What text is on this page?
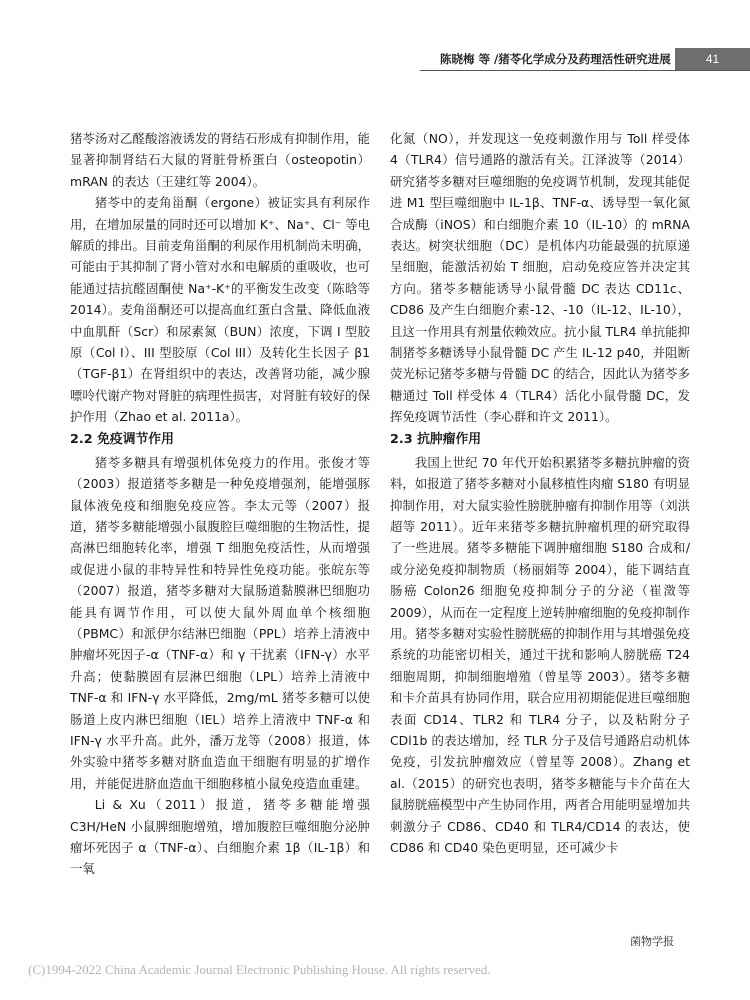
陈晓梅 等 /猪苓化学成分及药理活性研究进展	41

猪苓汤对乙醛酸溶液诱发的肾结石形成有抑制作用，能显著抑制肾结石大鼠的肾脏骨桥蛋白（osteopotin）mRAN 的表达（王建红等 2004）。

猪苓中的麦角甾酮（ergone）被证实具有利尿作用，在增加尿量的同时还可以增加 K⁺、Na⁺、Cl⁻ 等电解质的排出。目前麦角甾酮的利尿作用机制尚未明确，可能由于其抑制了肾小管对水和电解质的重吸收，也可能通过拮抗醛固酮使 Na⁺-K⁺的平衡发生改变（陈晗等 2014）。麦角甾酮还可以提高血红蛋白含量、降低血液中血肌酐（Scr）和尿素氮（BUN）浓度，下调 I 型胶原（Col I）、III 型胶原（Col III）及转化生长因子 β1（TGF-β1）在肾组织中的表达，改善肾功能，减少腺嘌呤代谢产物对肾脏的病理性损害，对肾脏有较好的保护作用（Zhao et al. 2011a）。

2.2 免疫调节作用

猪苓多糖具有增强机体免疫力的作用。张俊才等（2003）报道猪苓多糖是一种免疫增强剂，能增强豚鼠体液免疫和细胞免疫应答。李太元等（2007）报道，猪苓多糖能增强小鼠腹腔巨噬细胞的生物活性，提高淋巴细胞转化率，增强 T 细胞免疫活性，从而增强或促进小鼠的非特异性和特异性免疫功能。张皖东等（2007）报道，猪苓多糖对大鼠肠道黏膜淋巴细胞功能具有调节作用，可以使大鼠外周血单个核细胞（PBMC）和派伊尔结淋巴细胞（PPL）培养上清液中肿瘤坏死因子-α（TNF-α）和 γ 干扰素（IFN-γ）水平升高；使黏膜固有层淋巴细胞（LPL）培养上清液中 TNF-α 和 IFN-γ 水平降低，2mg/mL 猪苓多糖可以使肠道上皮内淋巴细胞（IEL）培养上清液中 TNF-α 和 IFN-γ 水平升高。此外，潘万龙等（2008）报道，体外实验中猪苓多糖对脐血造血干细胞有明显的扩增作用，并能促进脐血造血干细胞移植小鼠免疫造血重建。

Li & Xu（2011）报道，猪苓多糖能增强 C3H/HeN 小鼠脾细胞增殖，增加腹腔巨噬细胞分泌肿瘤坏死因子 α（TNF-α）、白细胞介素 1β（IL-1β）和一氧

化氮（NO），并发现这一免疫刺激作用与 Toll 样受体 4（TLR4）信号通路的激活有关。江泽波等（2014）研究猪苓多糖对巨噬细胞的免疫调节机制，发现其能促进 M1 型巨噬细胞中 IL-1β、TNF-α、诱导型一氧化氮合成酶（iNOS）和白细胞介素 10（IL-10）的 mRNA 表达。树突状细胞（DC）是机体内功能最强的抗原递呈细胞，能激活初始 T 细胞，启动免疫应答并决定其方向。猪苓多糖能诱导小鼠骨髓 DC 表达 CD11c、CD86 及产生白细胞介素-12、-10（IL-12、IL-10），且这一作用具有剂量依赖效应。抗小鼠 TLR4 单抗能抑制猪苓多糖诱导小鼠骨髓 DC 产生 IL-12 p40，并阻断荧光标记猪苓多糖与骨髓 DC 的结合，因此认为猪苓多糖通过 Toll 样受体 4（TLR4）活化小鼠骨髓 DC，发挥免疫调节活性（李心群和许文 2011）。

2.3 抗肿瘤作用

我国上世纪 70 年代开始积累猪苓多糖抗肿瘤的资料，如报道了猪苓多糖对小鼠移植性肉瘤 S180 有明显抑制作用，对大鼠实验性膀胱肿瘤有抑制作用等（刘洪超等 2011）。近年来猪苓多糖抗肿瘤机理的研究取得了一些进展。猪苓多糖能下调肿瘤细胞 S180 合成和/或分泌免疫抑制物质（杨丽娟等 2004），能下调结直肠癌 Colon26 细胞免疫抑制分子的分泌（崔澂等 2009），从而在一定程度上逆转肿瘤细胞的免疫抑制作用。猪苓多糖对实验性膀胱癌的抑制作用与其增强免疫系统的功能密切相关，通过干扰和影响人膀胱癌 T24 细胞周期，抑制细胞增殖（曾星等 2003）。猪苓多糖和卡介苗具有协同作用，联合应用初期能促进巨噬细胞表面 CD14、TLR2 和 TLR4 分子，以及粘附分子 CDl1b 的表达增加，经 TLR 分子及信号通路启动机体免疫，引发抗肿瘤效应（曾星等 2008）。Zhang et al.（2015）的研究也表明，猪苓多糖能与卡介苗在大鼠膀胱癌模型中产生协同作用，两者合用能明显增加共刺激分子 CD86、CD40 和 TLR4/CD14 的表达，使 CD86 和 CD40 染色更明显，还可减少卡

菌物学报
(C)1994-2022 China Academic Journal Electronic Publishing House. All rights reserved.
